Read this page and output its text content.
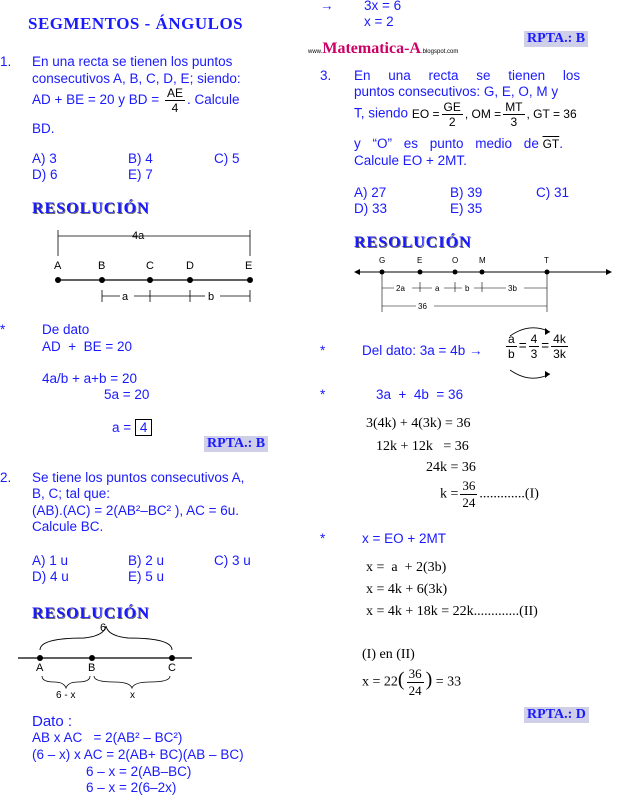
SEGMENTOS - ÁNGULOS
1. En una recta se tienen los puntos
consecutivos A, B, C, D, E; siendo:
AD + BE = 20 y BD = $\frac{AE}{4}$ . Calcule
BD.
A) 3	B) 4	C) 5
D) 6	E) 7
RESOLUCIÓN
4a
A	B	C	D	E
a	b
*	De dato
AD  +  BE = 20
4a/b + a+b = 20
5a = 20
a = 4
RPTA.: B
2. Se tiene los puntos consecutivos A,
B, C; tal que:
(AB).(AC) = 2(AB²–BC² ), AC = 6u.
Calcule BC.
A) 1 u	B) 2 u	C) 3 u
D) 4 u	E) 5 u
RESOLUCIÓN
6
A	B	C
6 - x	x
Dato :
AB x AC   = 2(AB² – BC²)
(6 – x) x AC = 2(AB+ BC)(AB – BC)
6 – x = 2(AB–BC)
6 – x = 2(6–2x)
→ 3x = 6
x = 2
RPTA.: B
www.Matematica-A.blogspot.com
3. En una recta se tienen los
puntos consecutivos: G, E, O, M y
T, siendo EO = $\frac{GE}{2}$ , OM = $\frac{MT}{3}$ , GT = 36
y “O” es punto medio de $\overline{GT}$.
Calcule EO + 2MT.
A) 27	B) 39	C) 31
D) 33	E) 35
RESOLUCIÓN
G	E	O	M	T
2a	a	b	3b
36
*	Del dato: $3a = 4b \to \frac{a}{b} = \frac{4}{3} = \frac{4k}{3k}$
*	3a  +  4b  = 36
3(4k) + 4(3k) = 36
12k + 12k   = 36
24k = 36
$k = \frac{36}{24} .............(I)$
*	x = EO + 2MT
x =  a  + 2(3b)
x = 4k + 6(3k)
x = 4k + 18k = 22k.............(II)
(I) en (II)
$x = 22( \frac{36}{24}$ ) = 33
RPTA.: D
